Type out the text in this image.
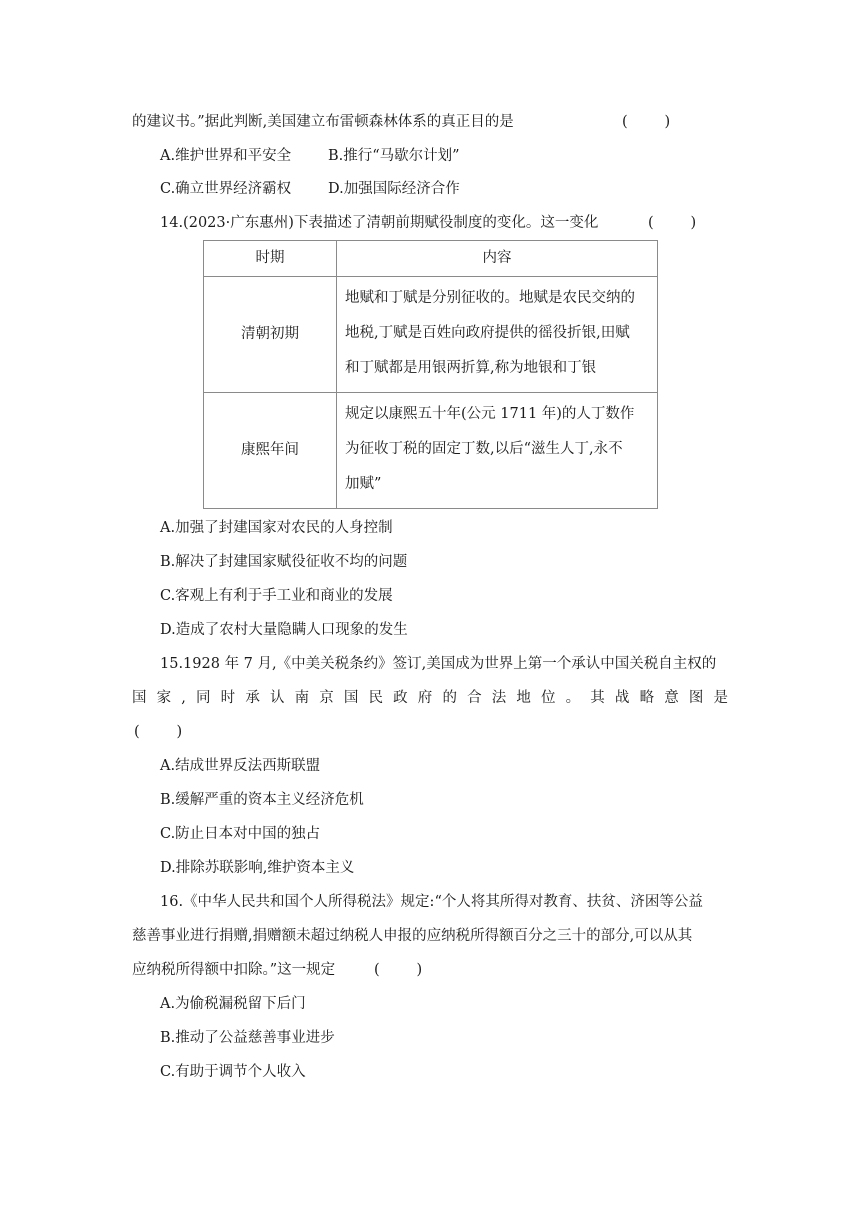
的建议书。”据此判断,美国建立布雷顿森林体系的真正目的是	(        )
A.维护世界和平安全	B.推行“马歇尔计划”
C.确立世界经济霸权	D.加强国际经济合作
14.(2023·广东惠州)下表描述了清朝前期赋役制度的变化。这一变化	(        )
时期	内容
清朝初期	地赋和丁赋是分别征收的。地赋是农民交纳的
地税,丁赋是百姓向政府提供的徭役折银,田赋
和丁赋都是用银两折算,称为地银和丁银

康熙年间	规定以康熙五十年(公元 1711 年)的人丁数作
为征收丁税的固定丁数,以后“滋生人丁,永不
加赋”
A.加强了封建国家对农民的人身控制
B.解决了封建国家赋役征收不均的问题
C.客观上有利于手工业和商业的发展
D.造成了农村大量隐瞒人口现象的发生
15.1928 年 7 月,《中美关税条约》签订,美国成为世界上第一个承认中国关税自主权的
国 家 , 同 时 承 认 南 京 国 民 政 府 的 合 法 地 位 。 其 战 略 意 图 是
(        )
A.结成世界反法西斯联盟
B.缓解严重的资本主义经济危机
C.防止日本对中国的独占
D.排除苏联影响,维护资本主义
16.《中华人民共和国个人所得税法》规定:“个人将其所得对教育、扶贫、济困等公益
慈善事业进行捐赠,捐赠额未超过纳税人申报的应纳税所得额百分之三十的部分,可以从其
应纳税所得额中扣除。”这一规定	(        )
A.为偷税漏税留下后门
B.推动了公益慈善事业进步
C.有助于调节个人收入
